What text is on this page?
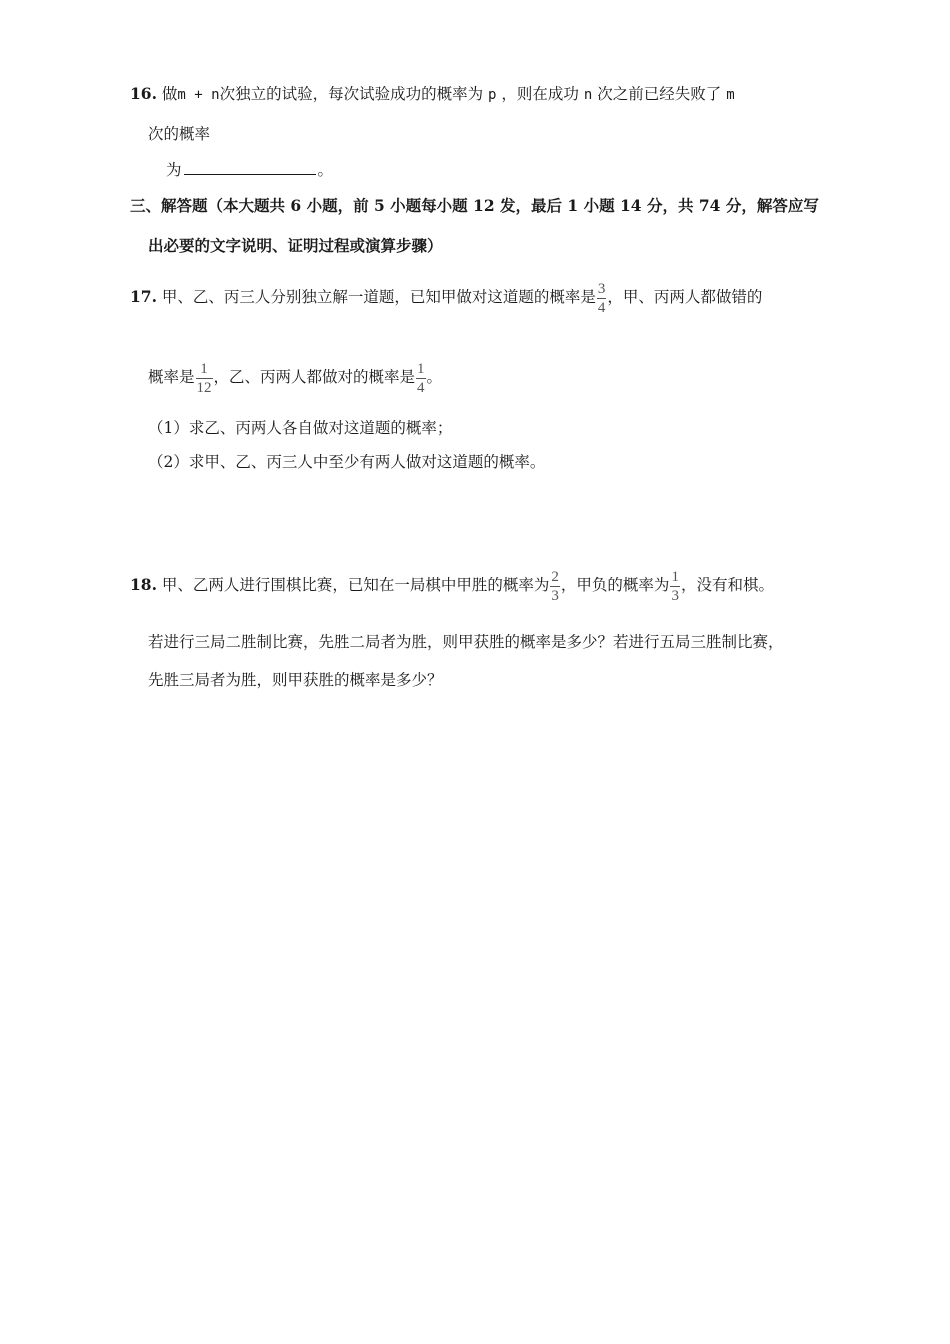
16. 做m + n次独立的试验，每次试验成功的概率为 p ，则在成功 n 次之前已经失败了 m
次的概率
为	。
三、解答题（本大题共 6 小题，前 5 小题每小题 12 发，最后 1 小题 14 分，共 74 分，解答应写
出必要的文字说明、证明过程或演算步骤）
17. 甲、乙、丙三人分别独立解一道题，已知甲做对这道题的概率是 $\frac{3}{4}$ ，甲、丙两人都做错的
概率是 $\frac{1}{12}$ ，乙、丙两人都做对的概率是 $\frac{1}{4}$ 。
（1）求乙、丙两人各自做对这道题的概率；
（2）求甲、乙、丙三人中至少有两人做对这道题的概率。
18. 甲、乙两人进行围棋比赛，已知在一局棋中甲胜的概率为 $\frac{2}{3}$ ，甲负的概率为 $\frac{1}{3}$ ，没有和棋。
若进行三局二胜制比赛，先胜二局者为胜，则甲获胜的概率是多少？若进行五局三胜制比赛，
先胜三局者为胜，则甲获胜的概率是多少？
